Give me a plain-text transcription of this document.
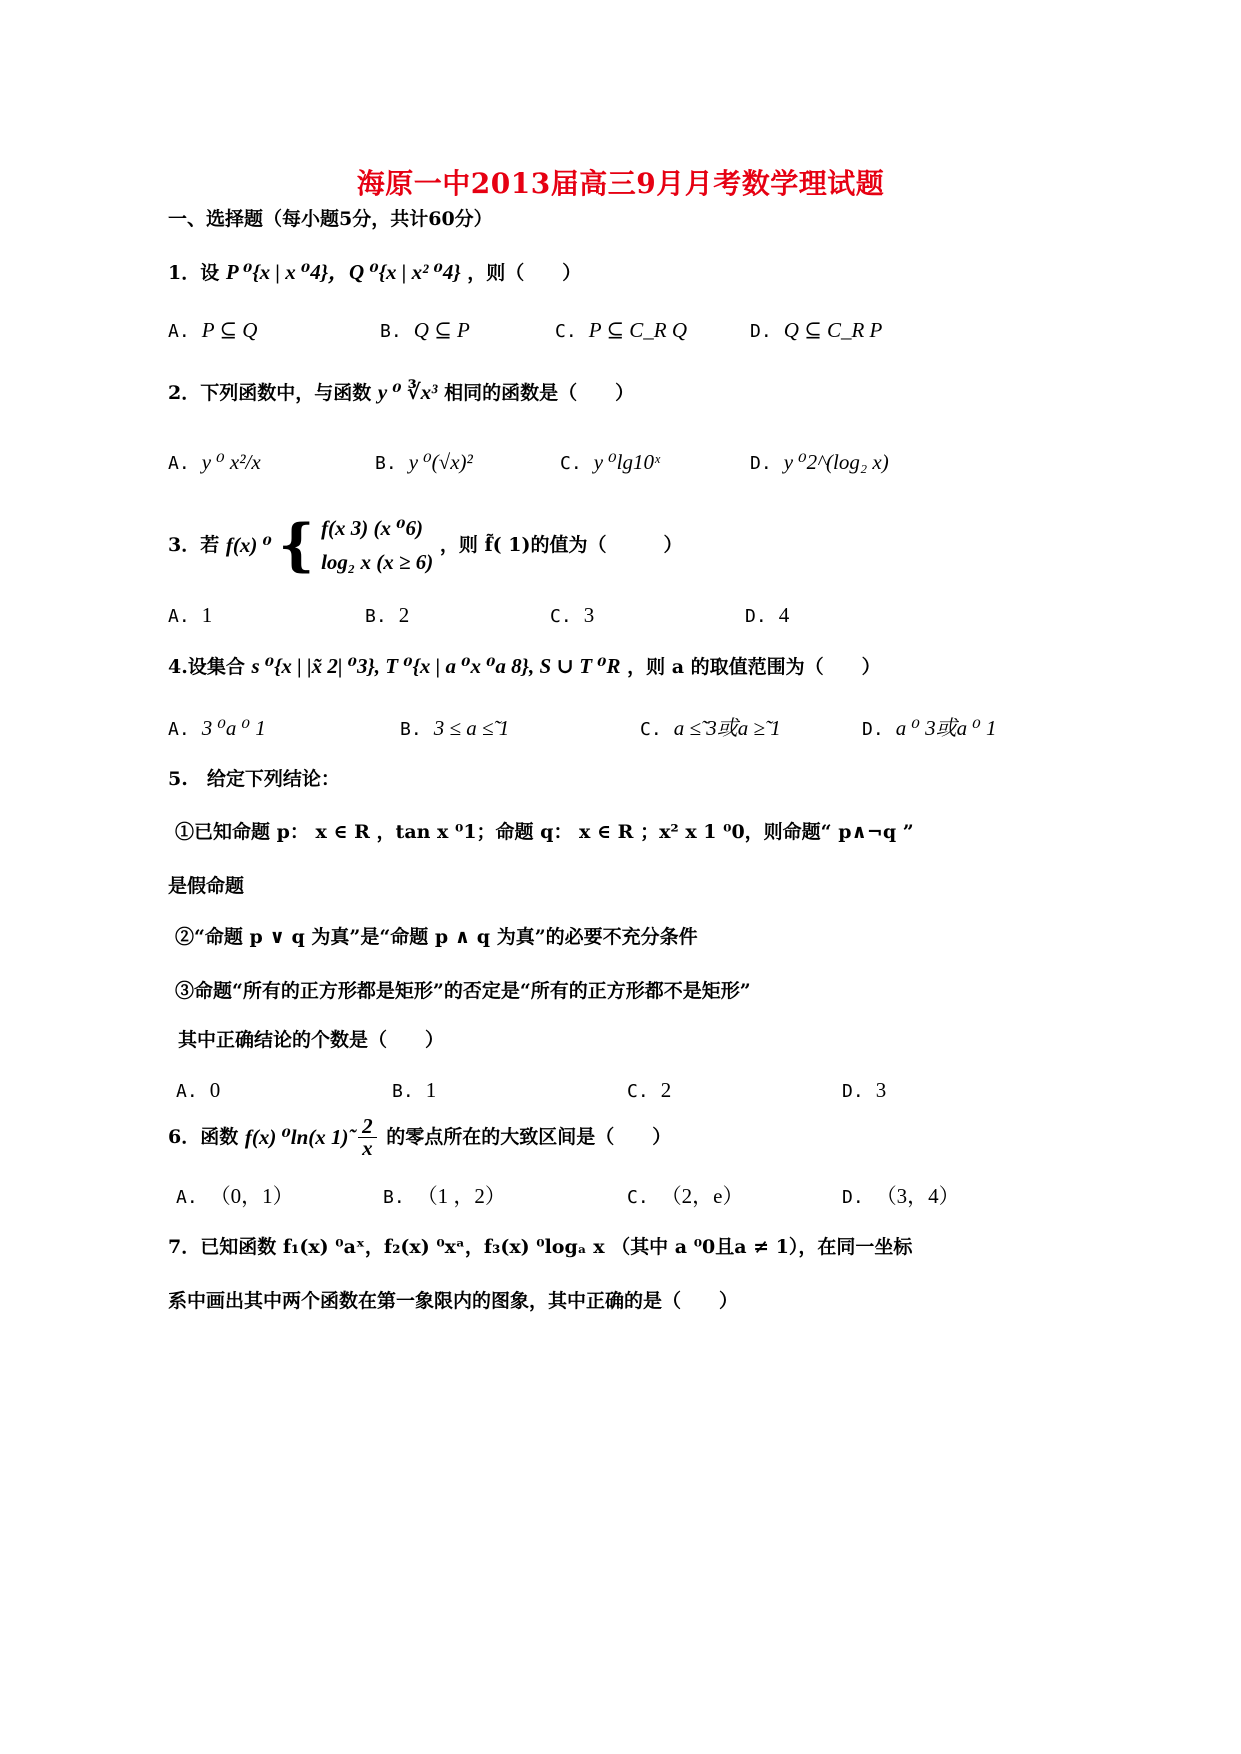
海原一中2013届高三9月月考数学理试题
一、选择题（每小题5分，共计60分）
1．设 P ⁰{x | x ⁰4}，Q ⁰{x | x² ⁰4} ，则（　　）
A. P ⊆ Q	B. Q ⊆ P	C. P ⊆ C_R Q	D. Q ⊆ C_R P
2．下列函数中，与函数 y ⁰ ∛x³ 相同的函数是（　　）
A. y ⁰ x²/x	B. y ⁰(√x)²	C. y ⁰lg10ˣ	D. y ⁰2^(log₂ x)
3．若 f(x) ⁰ { f(x 3) (x ⁰6)
log₂ x (x ≥ 6) ，则 f̃( 1)的值为（　　　）
A. 1	B. 2	C. 3	D. 4
4.设集合 s ⁰{x | |x̃ 2| ⁰3}, T ⁰{x | a ⁰x ⁰a 8}, S ∪ T ⁰R ，则 a 的取值范围为（　　）
A. 3 ⁰a ⁰ 1	B. 3 ≤ a ≤̃ 1	C. a ≤̃ 3或a ≥̃ 1	D. a ⁰ 3或a ⁰ 1
5.　给定下列结论：
①已知命题 p： x ∈ R ，tan x ⁰1；命题 q： x ∈ R ；x² x 1 ⁰0，则命题“ p∧¬q ”
是假命题
②“命题 p ∨ q 为真”是“命题 p ∧ q 为真”的必要不充分条件
③命题“所有的正方形都是矩形”的否定是“所有的正方形都不是矩形”
其中正确结论的个数是（　　）
A. 0	B. 1	C. 2	D. 3
6．函数 f(x) ⁰ln(x 1)̃ $\frac{2}{x}$ 的零点所在的大致区间是（　　）
A. （0，1）	B. （1 ，2）	C. （2，e）	D. （3，4）
7．已知函数 f₁(x) ⁰aˣ，f₂(x) ⁰xᵃ，f₃(x) ⁰logₐ x （其中 a ⁰0且a ≠ 1），在同一坐标
系中画出其中两个函数在第一象限内的图象，其中正确的是（　　）
